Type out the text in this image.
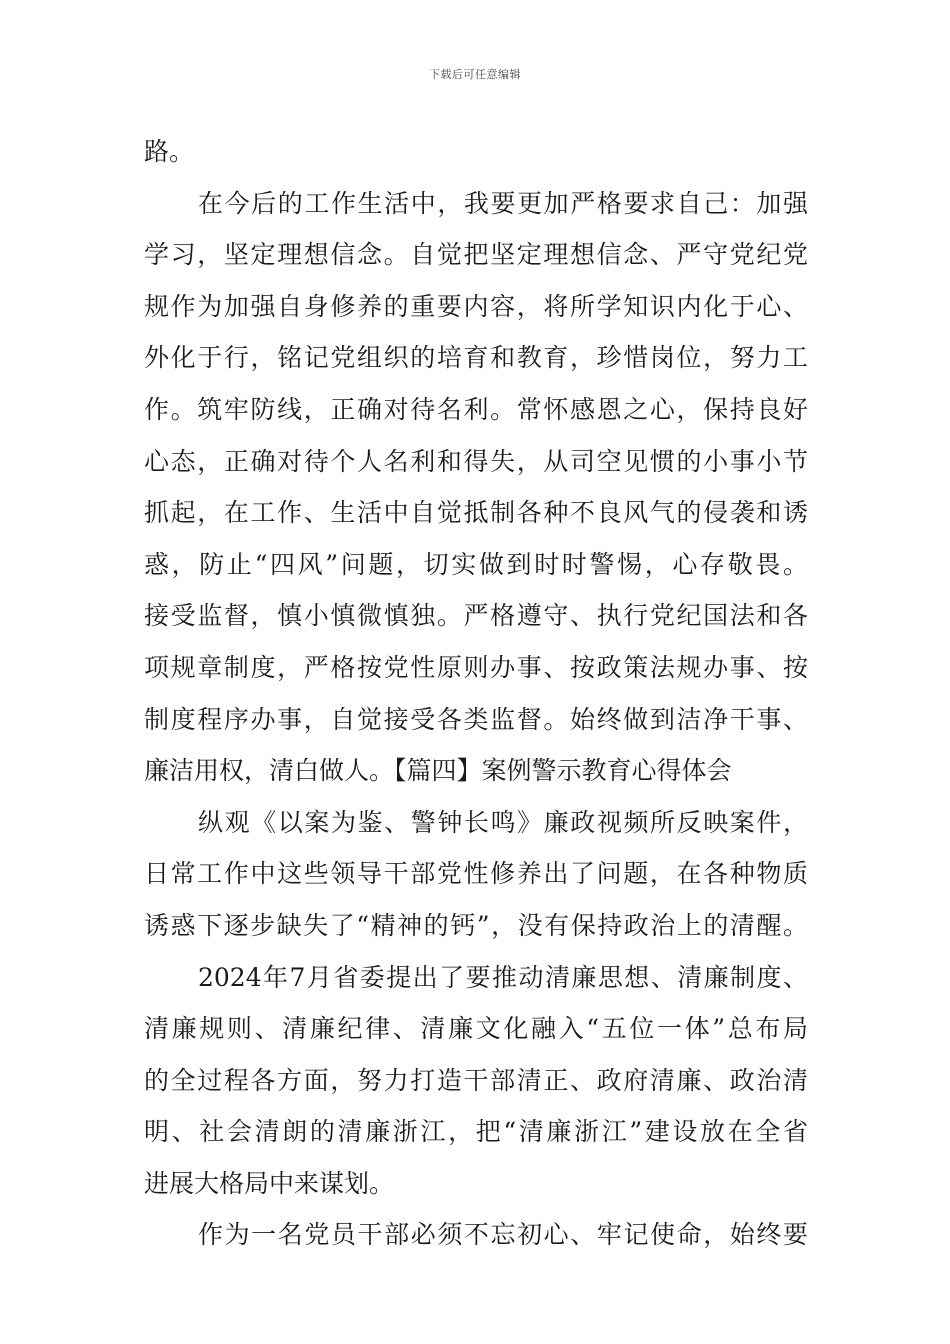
下载后可任意编辑
路。
在今后的工作生活中，我要更加严格要求自己：加强
学习，坚定理想信念。自觉把坚定理想信念、严守党纪党
规作为加强自身修养的重要内容，将所学知识内化于心、
外化于行，铭记党组织的培育和教育，珍惜岗位，努力工
作。筑牢防线，正确对待名利。常怀感恩之心，保持良好
心态，正确对待个人名利和得失，从司空见惯的小事小节
抓起，在工作、生活中自觉抵制各种不良风气的侵袭和诱
惑，防止“四风”问题，切实做到时时警惕，心存敬畏。
接受监督，慎小慎微慎独。严格遵守、执行党纪国法和各
项规章制度，严格按党性原则办事、按政策法规办事、按
制度程序办事，自觉接受各类监督。始终做到洁净干事、
廉洁用权，清白做人。【篇四】案例警示教育心得体会
纵观《以案为鉴、警钟长鸣》廉政视频所反映案件，
日常工作中这些领导干部党性修养出了问题，在各种物质
诱惑下逐步缺失了“精神的钙”，没有保持政治上的清醒。
2024年7月省委提出了要推动清廉思想、清廉制度、
清廉规则、清廉纪律、清廉文化融入“五位一体”总布局
的全过程各方面，努力打造干部清正、政府清廉、政治清
明、社会清朗的清廉浙江，把“清廉浙江”建设放在全省
进展大格局中来谋划。
作为一名党员干部必须不忘初心、牢记使命，始终要
